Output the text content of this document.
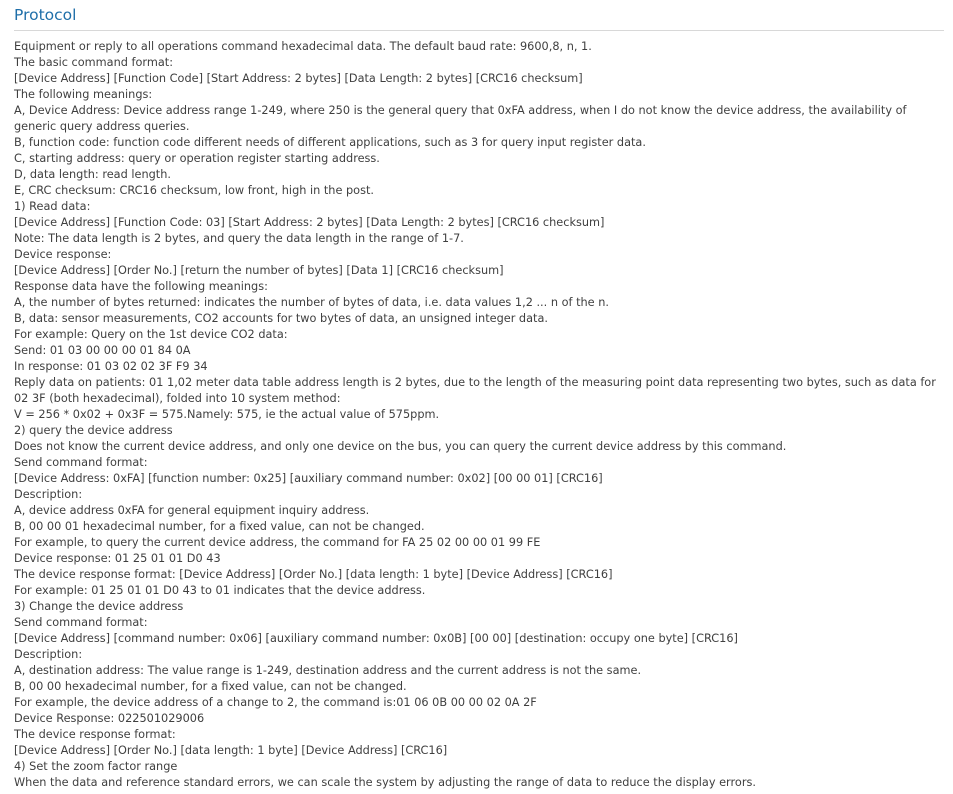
Protocol

Equipment or reply to all operations command hexadecimal data. The default baud rate: 9600,8, n, 1.

The basic command format:

[Device Address] [Function Code] [Start Address: 2 bytes] [Data Length: 2 bytes] [CRC16 checksum]

The following meanings:

A, Device Address: Device address range 1-249, where 250 is the general query that 0xFA address, when I do not know the device address, the availability of generic query address queries.

B, function code: function code different needs of different applications, such as 3 for query input register data.

C, starting address: query or operation register starting address.

D, data length: read length.

E, CRC checksum: CRC16 checksum, low front, high in the post.

1) Read data:

[Device Address] [Function Code: 03] [Start Address: 2 bytes] [Data Length: 2 bytes] [CRC16 checksum]

Note: The data length is 2 bytes, and query the data length in the range of 1-7.

Device response:

[Device Address] [Order No.] [return the number of bytes] [Data 1] [CRC16 checksum]

Response data have the following meanings:

A, the number of bytes returned: indicates the number of bytes of data, i.e. data values 1,2 ... n of the n.

B, data: sensor measurements, CO2 accounts for two bytes of data, an unsigned integer data.

For example: Query on the 1st device CO2 data:

Send: 01 03 00 00 00 01 84 0A

In response: 01 03 02 02 3F F9 34

Reply data on patients: 01 1,02 meter data table address length is 2 bytes, due to the length of the measuring point data representing two bytes, such as data for 02 3F (both hexadecimal), folded into 10 system method:

V = 256 * 0x02 + 0x3F = 575.Namely: 575, ie the actual value of 575ppm.

2) query the device address

Does not know the current device address, and only one device on the bus, you can query the current device address by this command.

Send command format:

[Device Address: 0xFA] [function number: 0x25] [auxiliary command number: 0x02] [00 00 01] [CRC16]

Description:

A, device address 0xFA for general equipment inquiry address.

B, 00 00 01 hexadecimal number, for a fixed value, can not be changed.

For example, to query the current device address, the command for FA 25 02 00 00 01 99 FE

Device response: 01 25 01 01 D0 43

The device response format: [Device Address] [Order No.] [data length: 1 byte] [Device Address] [CRC16]

For example: 01 25 01 01 D0 43 to 01 indicates that the device address.

3) Change the device address

Send command format:

[Device Address] [command number: 0x06] [auxiliary command number: 0x0B] [00 00] [destination: occupy one byte] [CRC16]

Description:

A, destination address: The value range is 1-249, destination address and the current address is not the same.

B, 00 00 hexadecimal number, for a fixed value, can not be changed.

For example, the device address of a change to 2, the command is:01 06 0B 00 00 02 0A 2F

Device Response: 022501029006

The device response format:

[Device Address] [Order No.] [data length: 1 byte] [Device Address] [CRC16]

4) Set the zoom factor range

When the data and reference standard errors, we can scale the system by adjusting the range of data to reduce the display errors.
